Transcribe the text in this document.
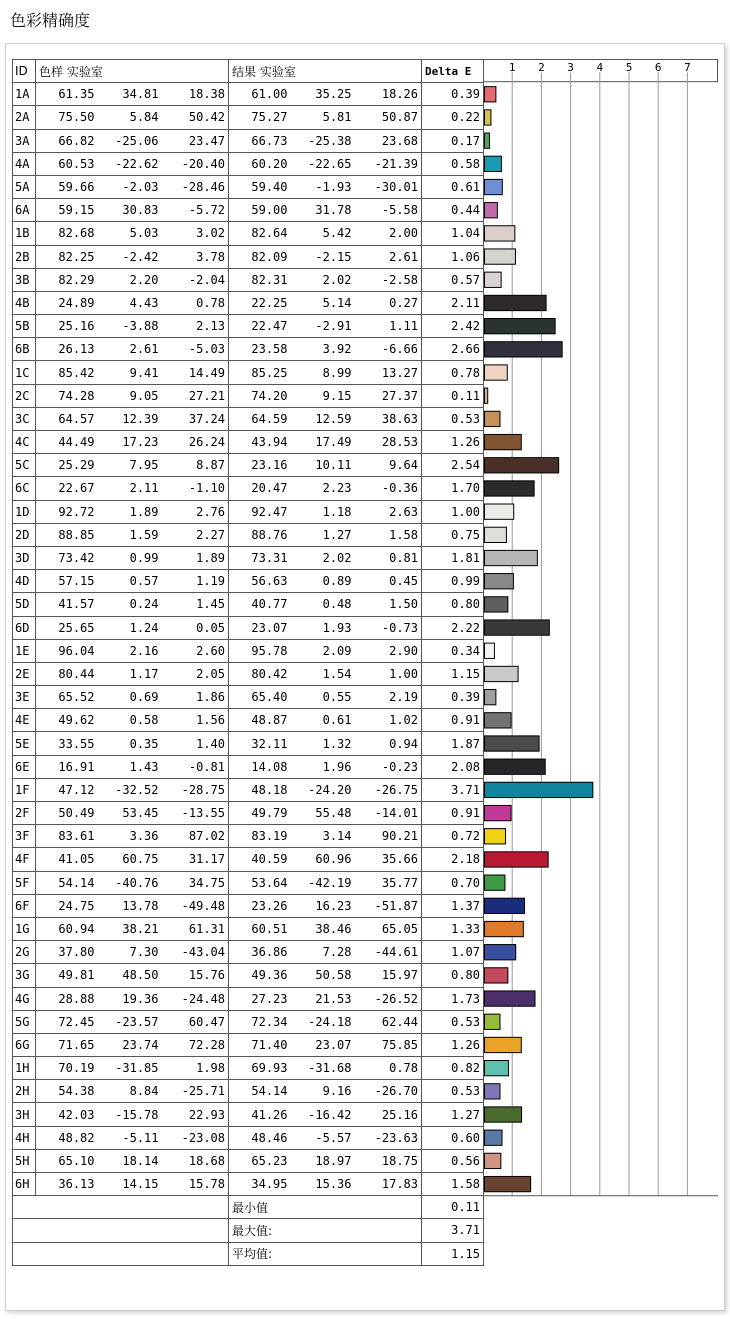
色彩精确度
ID	色样 实验室			结果 实验室			Delta E
1A	61.35	34.81	18.38	61.00	35.25	18.26	0.39
2A	75.50	5.84	50.42	75.27	5.81	50.87	0.22
3A	66.82	-25.06	23.47	66.73	-25.38	23.68	0.17
4A	60.53	-22.62	-20.40	60.20	-22.65	-21.39	0.58
5A	59.66	-2.03	-28.46	59.40	-1.93	-30.01	0.61
6A	59.15	30.83	-5.72	59.00	31.78	-5.58	0.44
1B	82.68	5.03	3.02	82.64	5.42	2.00	1.04
2B	82.25	-2.42	3.78	82.09	-2.15	2.61	1.06
3B	82.29	2.20	-2.04	82.31	2.02	-2.58	0.57
4B	24.89	4.43	0.78	22.25	5.14	0.27	2.11
5B	25.16	-3.88	2.13	22.47	-2.91	1.11	2.42
6B	26.13	2.61	-5.03	23.58	3.92	-6.66	2.66
1C	85.42	9.41	14.49	85.25	8.99	13.27	0.78
2C	74.28	9.05	27.21	74.20	9.15	27.37	0.11
3C	64.57	12.39	37.24	64.59	12.59	38.63	0.53
4C	44.49	17.23	26.24	43.94	17.49	28.53	1.26
5C	25.29	7.95	8.87	23.16	10.11	9.64	2.54
6C	22.67	2.11	-1.10	20.47	2.23	-0.36	1.70
1D	92.72	1.89	2.76	92.47	1.18	2.63	1.00
2D	88.85	1.59	2.27	88.76	1.27	1.58	0.75
3D	73.42	0.99	1.89	73.31	2.02	0.81	1.81
4D	57.15	0.57	1.19	56.63	0.89	0.45	0.99
5D	41.57	0.24	1.45	40.77	0.48	1.50	0.80
6D	25.65	1.24	0.05	23.07	1.93	-0.73	2.22
1E	96.04	2.16	2.60	95.78	2.09	2.90	0.34
2E	80.44	1.17	2.05	80.42	1.54	1.00	1.15
3E	65.52	0.69	1.86	65.40	0.55	2.19	0.39
4E	49.62	0.58	1.56	48.87	0.61	1.02	0.91
5E	33.55	0.35	1.40	32.11	1.32	0.94	1.87
6E	16.91	1.43	-0.81	14.08	1.96	-0.23	2.08
1F	47.12	-32.52	-28.75	48.18	-24.20	-26.75	3.71
2F	50.49	53.45	-13.55	49.79	55.48	-14.01	0.91
3F	83.61	3.36	87.02	83.19	3.14	90.21	0.72
4F	41.05	60.75	31.17	40.59	60.96	35.66	2.18
5F	54.14	-40.76	34.75	53.64	-42.19	35.77	0.70
6F	24.75	13.78	-49.48	23.26	16.23	-51.87	1.37
1G	60.94	38.21	61.31	60.51	38.46	65.05	1.33
2G	37.80	7.30	-43.04	36.86	7.28	-44.61	1.07
3G	49.81	48.50	15.76	49.36	50.58	15.97	0.80
4G	28.88	19.36	-24.48	27.23	21.53	-26.52	1.73
5G	72.45	-23.57	60.47	72.34	-24.18	62.44	0.53
6G	71.65	23.74	72.28	71.40	23.07	75.85	1.26
1H	70.19	-31.85	1.98	69.93	-31.68	0.78	0.82
2H	54.38	8.84	-25.71	54.14	9.16	-26.70	0.53
3H	42.03	-15.78	22.93	41.26	-16.42	25.16	1.27
4H	48.82	-5.11	-23.08	48.46	-5.57	-23.63	0.60
5H	65.10	18.14	18.68	65.23	18.97	18.75	0.56
6H	36.13	14.15	15.78	34.95	15.36	17.83	1.58
				最小值			0.11
				最大值:			3.71
				平均值:			1.15
1 2 3 4 5 6 7
